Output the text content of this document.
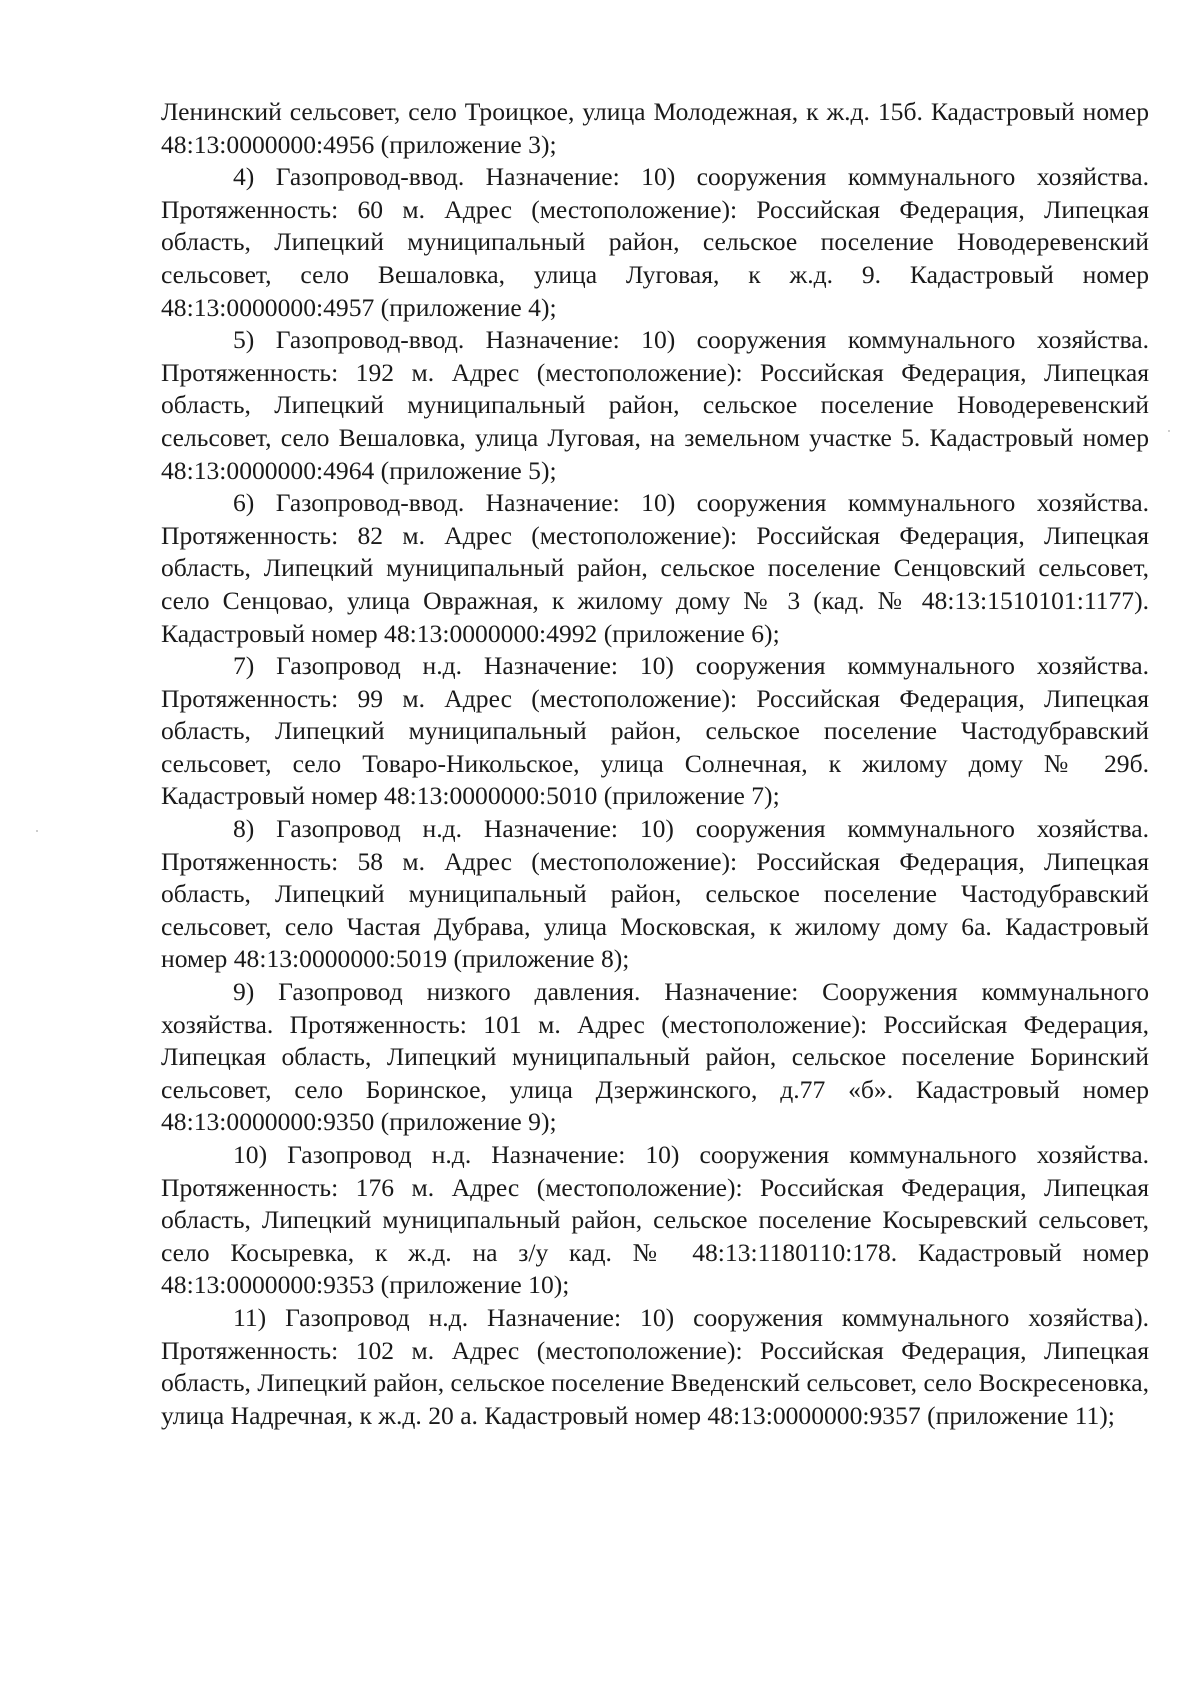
Ленинский сельсовет, село Троицкое, улица Молодежная, к ж.д. 15б. Кадастровый номер 48:13:0000000:4956 (приложение 3);

4) Газопровод-ввод. Назначение: 10) сооружения коммунального хозяйства. Протяженность: 60 м. Адрес (местоположение): Российская Федерация, Липецкая область, Липецкий муниципальный район, сельское поселение Новодеревенский сельсовет, село Вешаловка, улица Луговая, к ж.д. 9. Кадастровый номер 48:13:0000000:4957 (приложение 4);

5) Газопровод-ввод. Назначение: 10) сооружения коммунального хозяйства. Протяженность: 192 м. Адрес (местоположение): Российская Федерация, Липецкая область, Липецкий муниципальный район, сельское поселение Новодеревенский сельсовет, село Вешаловка, улица Луговая, на земельном участке 5. Кадастровый номер 48:13:0000000:4964 (приложение 5);

6) Газопровод-ввод. Назначение: 10) сооружения коммунального хозяйства. Протяженность: 82 м. Адрес (местоположение): Российская Федерация, Липецкая область, Липецкий муниципальный район, сельское поселение Сенцовский сельсовет, село Сенцовао, улица Овражная, к жилому дому № 3 (кад. № 48:13:1510101:1177). Кадастровый номер 48:13:0000000:4992 (приложение 6);

7) Газопровод н.д. Назначение: 10) сооружения коммунального хозяйства. Протяженность: 99 м. Адрес (местоположение): Российская Федерация, Липецкая область, Липецкий муниципальный район, сельское поселение Частодубравский сельсовет, село Товаро-Никольское, улица Солнечная, к жилому дому № 29б. Кадастровый номер 48:13:0000000:5010 (приложение 7);

8) Газопровод н.д. Назначение: 10) сооружения коммунального хозяйства. Протяженность: 58 м. Адрес (местоположение): Российская Федерация, Липецкая область, Липецкий муниципальный район, сельское поселение Частодубравский сельсовет, село Частая Дубрава, улица Московская, к жилому дому 6а. Кадастровый номер 48:13:0000000:5019 (приложение 8);

9) Газопровод низкого давления. Назначение: Сооружения коммунального хозяйства. Протяженность: 101 м. Адрес (местоположение): Российская Федерация, Липецкая область, Липецкий муниципальный район, сельское поселение Боринский сельсовет, село Боринское, улица Дзержинского, д.77 «б». Кадастровый номер 48:13:0000000:9350 (приложение 9);

10) Газопровод н.д. Назначение: 10) сооружения коммунального хозяйства. Протяженность: 176 м. Адрес (местоположение): Российская Федерация, Липецкая область, Липецкий муниципальный район, сельское поселение Косыревский сельсовет, село Косыревка, к ж.д. на з/у кад. № 48:13:1180110:178. Кадастровый номер 48:13:0000000:9353 (приложение 10);

11) Газопровод н.д. Назначение: 10) сооружения коммунального хозяйства). Протяженность: 102 м. Адрес (местоположение): Российская Федерация, Липецкая область, Липецкий район, сельское поселение Введенский сельсовет, село Воскресеновка, улица Надречная, к ж.д. 20 а. Кадастровый номер 48:13:0000000:9357 (приложение 11);
